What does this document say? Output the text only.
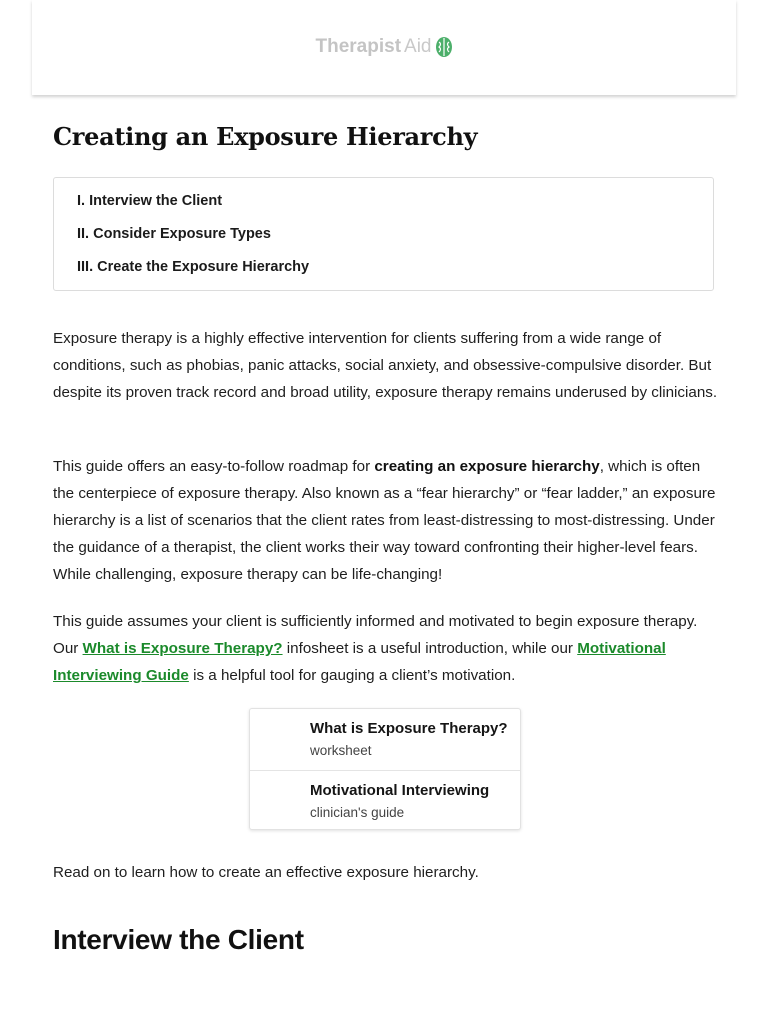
Therapist Aid
Creating an Exposure Hierarchy
I. Interview the Client
II. Consider Exposure Types
III. Create the Exposure Hierarchy

Exposure therapy is a highly effective intervention for clients suffering from a wide range of conditions, such as phobias, panic attacks, social anxiety, and obsessive-compulsive disorder. But despite its proven track record and broad utility, exposure therapy remains underused by clinicians.

This guide offers an easy-to-follow roadmap for creating an exposure hierarchy, which is often the centerpiece of exposure therapy. Also known as a “fear hierarchy” or “fear ladder,” an exposure hierarchy is a list of scenarios that the client rates from least-distressing to most-distressing. Under the guidance of a therapist, the client works their way toward confronting their higher-level fears. While challenging, exposure therapy can be life-changing!

This guide assumes your client is sufficiently informed and motivated to begin exposure therapy. Our What is Exposure Therapy? infosheet is a useful introduction, while our Motivational Interviewing Guide is a helpful tool for gauging a client’s motivation.

What is Exposure Therapy?
worksheet
Motivational Interviewing
clinician's guide

Read on to learn how to create an effective exposure hierarchy.

Interview the Client
